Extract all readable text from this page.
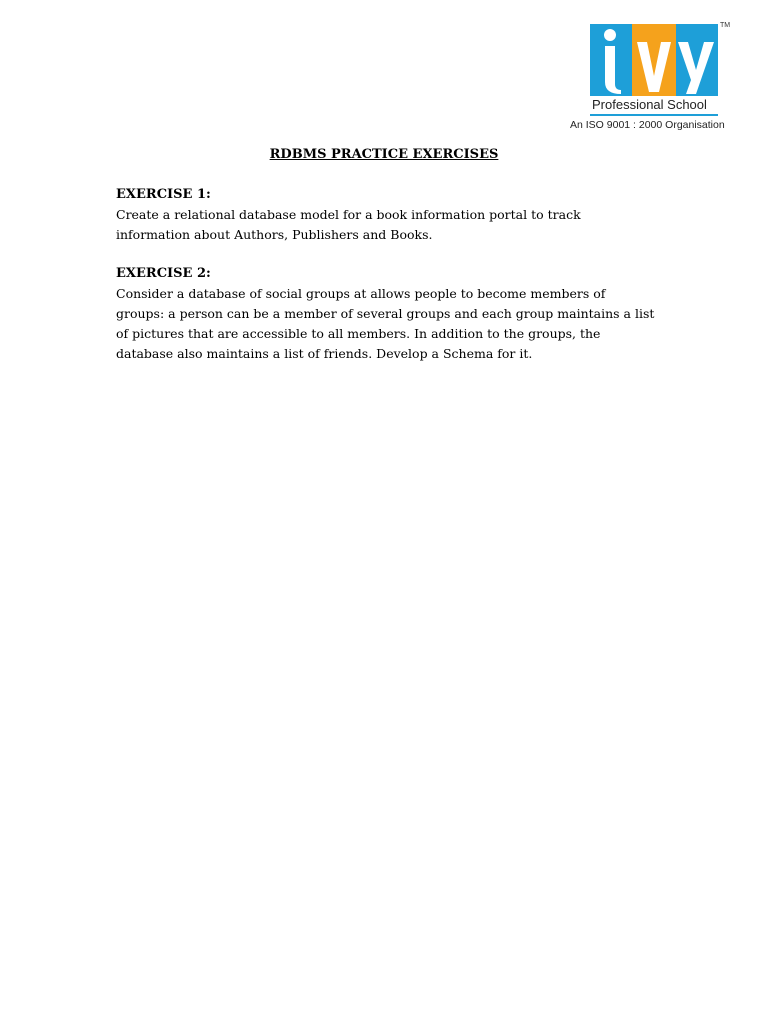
TM
Professional School
An ISO 9001 : 2000 Organisation
RDBMS PRACTICE EXERCISES
EXERCISE 1:

Create a relational database model for a book information portal to track information about Authors, Publishers and Books.

EXERCISE 2:

Consider a database of social groups at allows people to become members of groups: a person can be a member of several groups and each group maintains a list of pictures that are accessible to all members. In addition to the groups, the database also maintains a list of friends. Develop a Schema for it.
